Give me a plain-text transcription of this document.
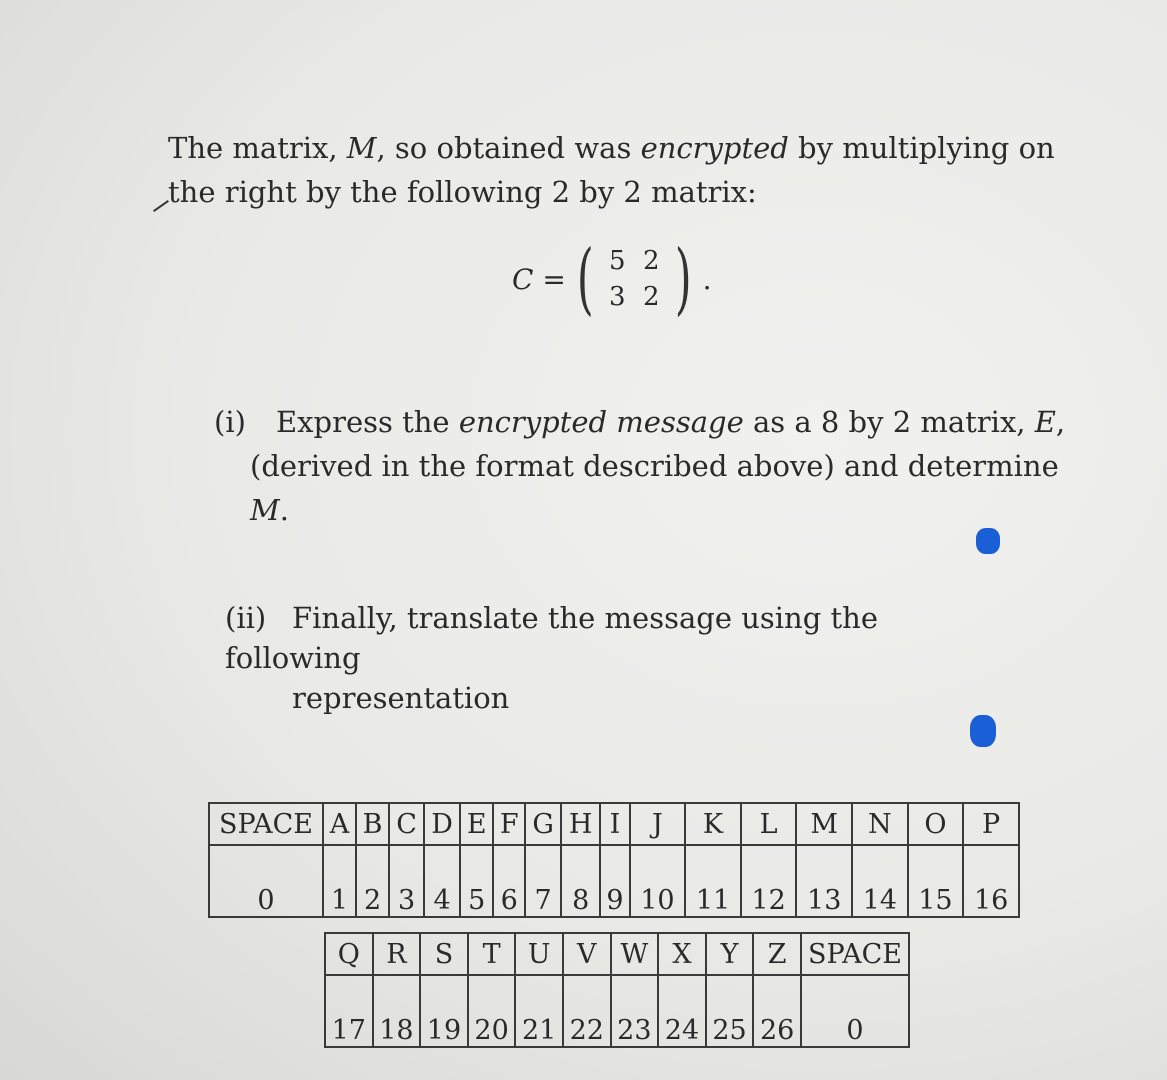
The matrix, M, so obtained was encrypted by multiplying on
the right by the following 2 by 2 matrix:
C = ( 5 2
3 2 ) .
(i) Express the encrypted message as a 8 by 2 matrix, E,
(derived in the format described above) and determine M.
(ii) Finally, translate the message using the following
representation
SPACE	A	B	C	D	E	F	G	H	I	J	K	L	M	N	O	P
0	1	2	3	4	5	6	7	8	9	10	11	12	13	14	15	16
Q	R	S	T	U	V	W	X	Y	Z	SPACE
17	18	19	20	21	22	23	24	25	26	0
